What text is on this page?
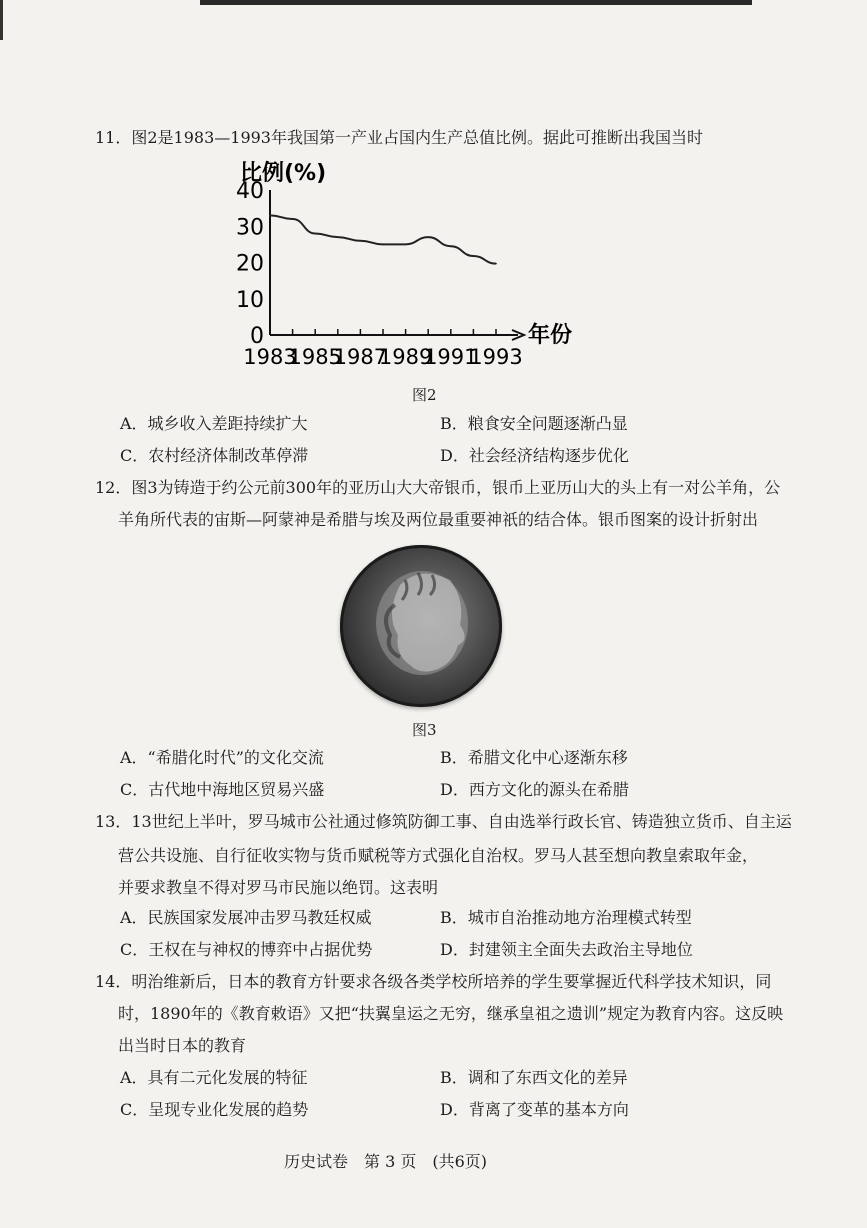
11．图2是1983—1993年我国第一产业占国内生产总值比例。据此可推断出我国当时
比例(%)
0
10
20
30
40
1983
1985
1987
1989
1991
1993
年份
图2
A．城乡收入差距持续扩大	B．粮食安全问题逐渐凸显
C．农村经济体制改革停滞	D．社会经济结构逐步优化
12．图3为铸造于约公元前300年的亚历山大大帝银币，银币上亚历山大的头上有一对公羊角，公
羊角所代表的宙斯—阿蒙神是希腊与埃及两位最重要神祇的结合体。银币图案的设计折射出
图3
A．“希腊化时代”的文化交流	B．希腊文化中心逐渐东移
C．古代地中海地区贸易兴盛	D．西方文化的源头在希腊
13．13世纪上半叶，罗马城市公社通过修筑防御工事、自由选举行政长官、铸造独立货币、自主运
营公共设施、自行征收实物与货币赋税等方式强化自治权。罗马人甚至想向教皇索取年金，
并要求教皇不得对罗马市民施以绝罚。这表明
A．民族国家发展冲击罗马教廷权威	B．城市自治推动地方治理模式转型
C．王权在与神权的博弈中占据优势	D．封建领主全面失去政治主导地位
14．明治维新后，日本的教育方针要求各级各类学校所培养的学生要掌握近代科学技术知识，同
时，1890年的《教育敕语》又把“扶翼皇运之无穷，继承皇祖之遗训”规定为教育内容。这反映
出当时日本的教育
A．具有二元化发展的特征	B．调和了东西文化的差异
C．呈现专业化发展的趋势	D．背离了变革的基本方向
历史试卷　第 3 页　(共6页)
